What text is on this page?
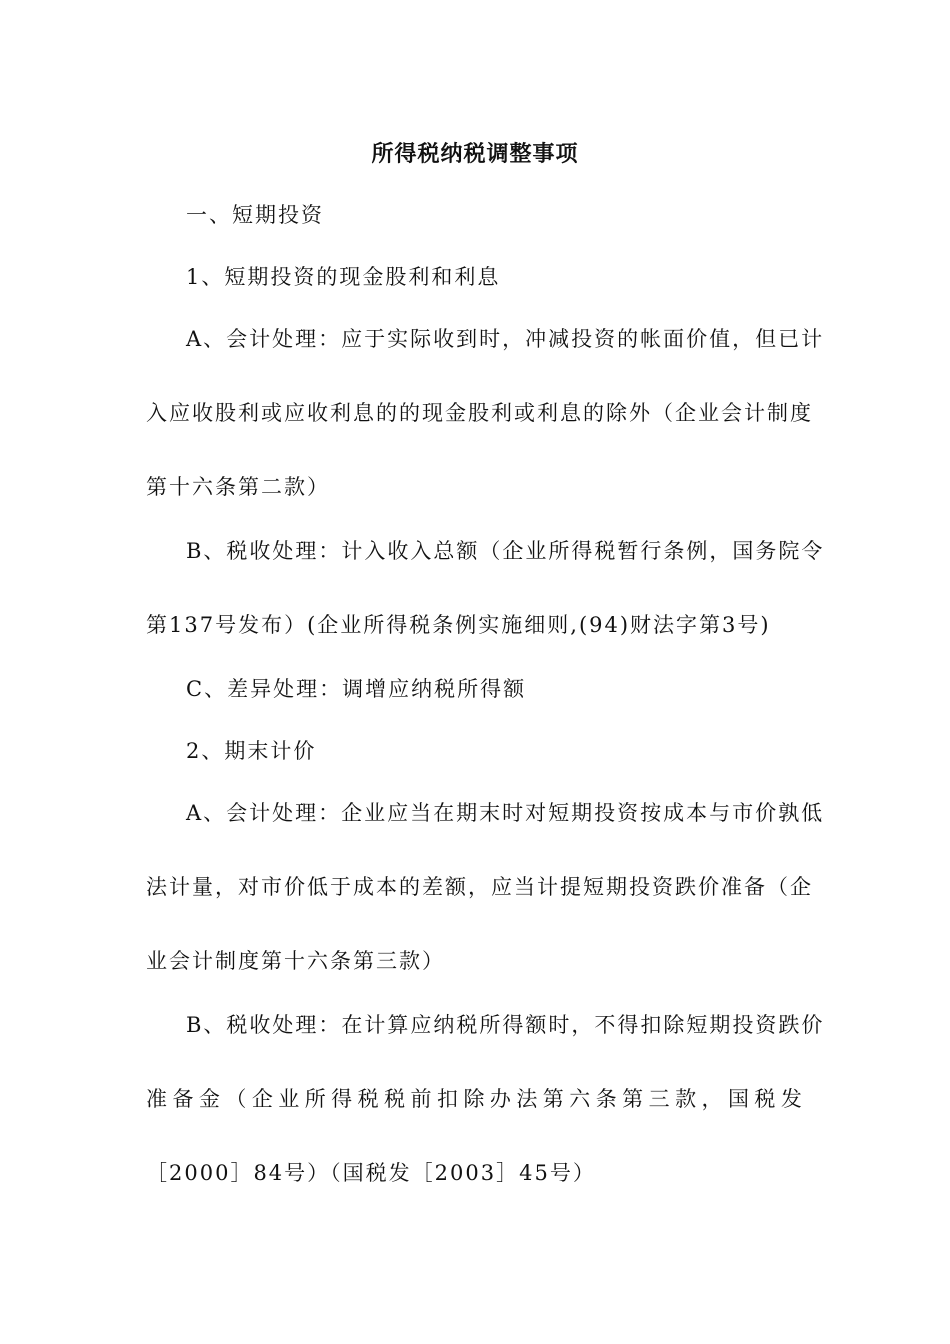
所得税纳税调整事项
一、短期投资
1、短期投资的现金股利和利息
A、会计处理：应于实际收到时，冲减投资的帐面价值，但已计
入应收股利或应收利息的的现金股利或利息的除外（企业会计制度
第十六条第二款）
B、税收处理：计入收入总额（企业所得税暂行条例，国务院令
第137号发布）(企业所得税条例实施细则,(94)财法字第3号)
C、差异处理：调增应纳税所得额
2、期末计价
A、会计处理：企业应当在期末时对短期投资按成本与市价孰低
法计量，对市价低于成本的差额，应当计提短期投资跌价准备（企
业会计制度第十六条第三款）
B、税收处理：在计算应纳税所得额时，不得扣除短期投资跌价
准 备 金 （ 企 业 所 得 税 税 前 扣 除 办 法 第 六 条 第 三 款 ， 国 税 发
［2000］84号）（国税发［2003］45号）
